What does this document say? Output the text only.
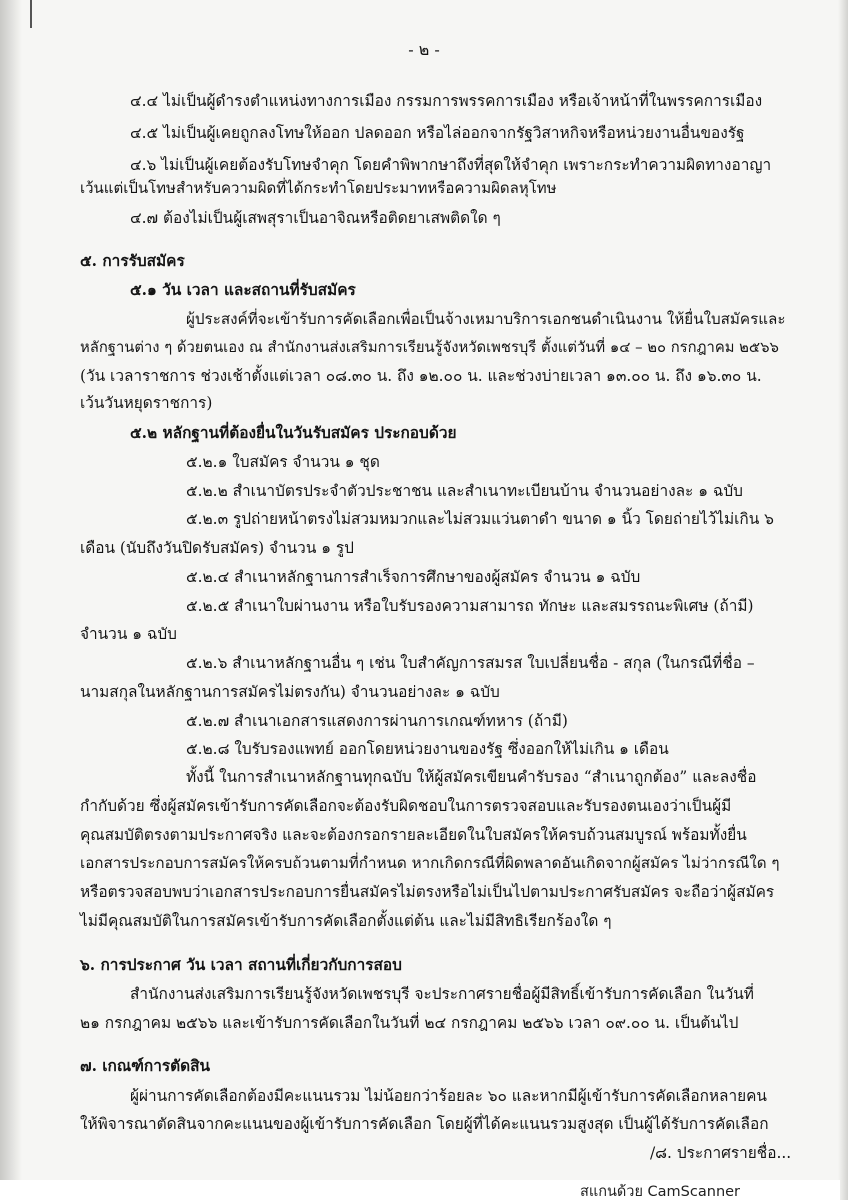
- ๒ -
๔.๔ ไม่เป็นผู้ดำรงตำแหน่งทางการเมือง กรรมการพรรคการเมือง หรือเจ้าหน้าที่ในพรรคการเมือง
๔.๕ ไม่เป็นผู้เคยถูกลงโทษให้ออก ปลดออก หรือไล่ออกจากรัฐวิสาหกิจหรือหน่วยงานอื่นของรัฐ
๔.๖ ไม่เป็นผู้เคยต้องรับโทษจำคุก โดยคำพิพากษาถึงที่สุดให้จำคุก เพราะกระทำความผิดทางอาญา
เว้นแต่เป็นโทษสำหรับความผิดที่ได้กระทำโดยประมาทหรือความผิดลหุโทษ
๔.๗ ต้องไม่เป็นผู้เสพสุราเป็นอาจิณหรือติดยาเสพติดใด ๆ
๕. การรับสมัคร
๕.๑ วัน เวลา และสถานที่รับสมัคร
ผู้ประสงค์ที่จะเข้ารับการคัดเลือกเพื่อเป็นจ้างเหมาบริการเอกชนดำเนินงาน ให้ยื่นใบสมัครและ
หลักฐานต่าง ๆ ด้วยตนเอง ณ สำนักงานส่งเสริมการเรียนรู้จังหวัดเพชรบุรี ตั้งแต่วันที่ ๑๔ – ๒๐ กรกฎาคม ๒๕๖๖
(วัน เวลาราชการ ช่วงเช้าตั้งแต่เวลา ๐๘.๓๐ น. ถึง ๑๒.๐๐ น. และช่วงบ่ายเวลา ๑๓.๐๐ น. ถึง ๑๖.๓๐ น.
เว้นวันหยุดราชการ)
๕.๒ หลักฐานที่ต้องยื่นในวันรับสมัคร ประกอบด้วย
๕.๒.๑ ใบสมัคร จำนวน ๑ ชุด
๕.๒.๒ สำเนาบัตรประจำตัวประชาชน และสำเนาทะเบียนบ้าน จำนวนอย่างละ ๑ ฉบับ
๕.๒.๓ รูปถ่ายหน้าตรงไม่สวมหมวกและไม่สวมแว่นตาดำ ขนาด ๑ นิ้ว โดยถ่ายไว้ไม่เกิน ๖
เดือน (นับถึงวันปิดรับสมัคร) จำนวน ๑ รูป
๕.๒.๔ สำเนาหลักฐานการสำเร็จการศึกษาของผู้สมัคร จำนวน ๑ ฉบับ
๕.๒.๕ สำเนาใบผ่านงาน หรือใบรับรองความสามารถ ทักษะ และสมรรถนะพิเศษ (ถ้ามี)
จำนวน ๑ ฉบับ
๕.๒.๖ สำเนาหลักฐานอื่น ๆ เช่น ใบสำคัญการสมรส ใบเปลี่ยนชื่อ - สกุล (ในกรณีที่ชื่อ –
นามสกุลในหลักฐานการสมัครไม่ตรงกัน) จำนวนอย่างละ ๑ ฉบับ
๕.๒.๗ สำเนาเอกสารแสดงการผ่านการเกณฑ์ทหาร (ถ้ามี)
๕.๒.๘ ใบรับรองแพทย์ ออกโดยหน่วยงานของรัฐ ซึ่งออกให้ไม่เกิน ๑ เดือน
ทั้งนี้ ในการสำเนาหลักฐานทุกฉบับ ให้ผู้สมัครเขียนคำรับรอง “สำเนาถูกต้อง” และลงชื่อ
กำกับด้วย ซึ่งผู้สมัครเข้ารับการคัดเลือกจะต้องรับผิดชอบในการตรวจสอบและรับรองตนเองว่าเป็นผู้มี
คุณสมบัติตรงตามประกาศจริง และจะต้องกรอกรายละเอียดในใบสมัครให้ครบถ้วนสมบูรณ์ พร้อมทั้งยื่น
เอกสารประกอบการสมัครให้ครบถ้วนตามที่กำหนด หากเกิดกรณีที่ผิดพลาดอันเกิดจากผู้สมัคร ไม่ว่ากรณีใด ๆ
หรือตรวจสอบพบว่าเอกสารประกอบการยื่นสมัครไม่ตรงหรือไม่เป็นไปตามประกาศรับสมัคร จะถือว่าผู้สมัคร
ไม่มีคุณสมบัติในการสมัครเข้ารับการคัดเลือกตั้งแต่ต้น และไม่มีสิทธิเรียกร้องใด ๆ
๖. การประกาศ วัน เวลา สถานที่เกี่ยวกับการสอบ
สำนักงานส่งเสริมการเรียนรู้จังหวัดเพชรบุรี จะประกาศรายชื่อผู้มีสิทธิ์เข้ารับการคัดเลือก ในวันที่
๒๑ กรกฎาคม ๒๕๖๖ และเข้ารับการคัดเลือกในวันที่ ๒๔ กรกฎาคม ๒๕๖๖ เวลา ๐๙.๐๐ น. เป็นต้นไป
๗. เกณฑ์การตัดสิน
ผู้ผ่านการคัดเลือกต้องมีคะแนนรวม ไม่น้อยกว่าร้อยละ ๖๐ และหากมีผู้เข้ารับการคัดเลือกหลายคน
ให้พิจารณาตัดสินจากคะแนนของผู้เข้ารับการคัดเลือก โดยผู้ที่ได้คะแนนรวมสูงสุด เป็นผู้ได้รับการคัดเลือก
/๘. ประกาศรายชื่อ...
สแกนด้วย CamScanner
